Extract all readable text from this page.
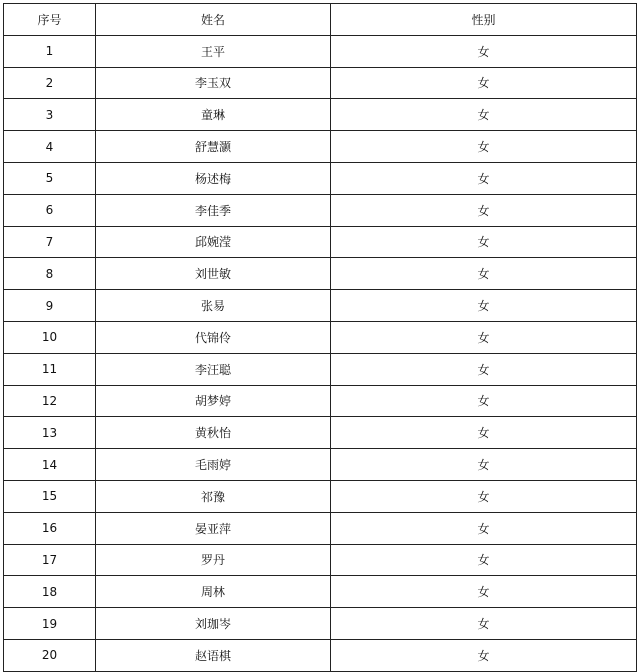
序号	姓名	性别
1	王平	女
2	李玉双	女
3	童琳	女
4	舒慧灏	女
5	杨述梅	女
6	李佳季	女
7	邱婉滢	女
8	刘世敏	女
9	张易	女
10	代锦伶	女
11	李汪聪	女
12	胡梦婷	女
13	黄秋怡	女
14	毛雨婷	女
15	祁豫	女
16	晏亚萍	女
17	罗丹	女
18	周林	女
19	刘珈岑	女
20	赵语棋	女
